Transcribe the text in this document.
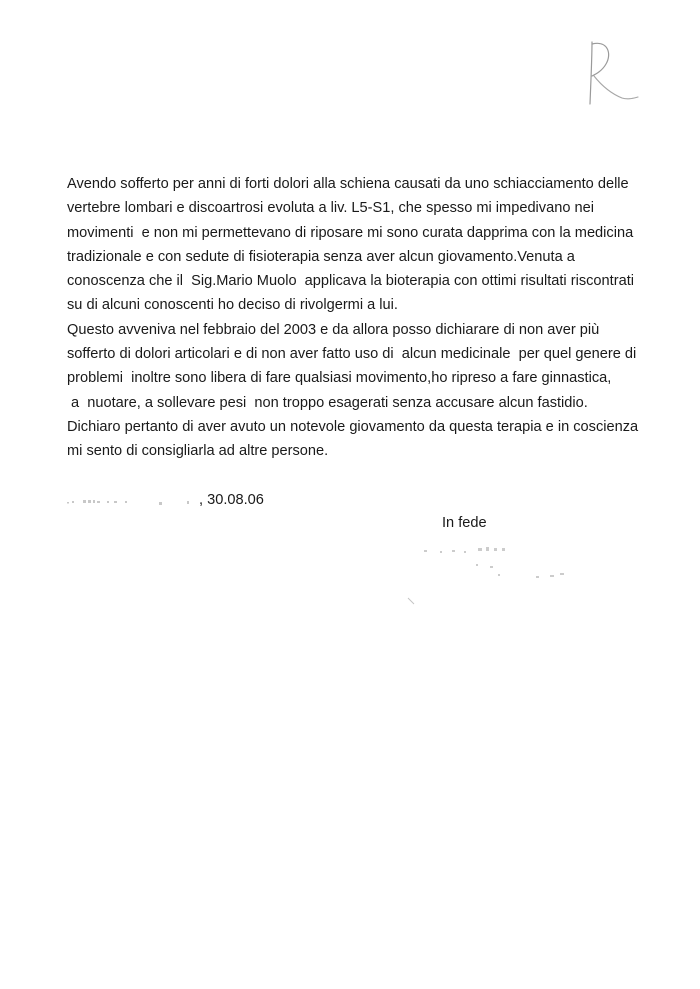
Avendo sofferto per anni di forti dolori alla schiena causati da uno schiacciamento delle
vertebre lombari e discoartrosi evoluta a liv. L5-S1, che spesso mi impedivano nei
movimenti  e non mi permettevano di riposare mi sono curata dapprima con la medicina
tradizionale e con sedute di fisioterapia senza aver alcun giovamento.Venuta a
conoscenza che il  Sig.Mario Muolo  applicava la bioterapia con ottimi risultati riscontrati
su di alcuni conoscenti ho deciso di rivolgermi a lui.
Questo avveniva nel febbraio del 2003 e da allora posso dichiarare di non aver più
sofferto di dolori articolari e di non aver fatto uso di  alcun medicinale  per quel genere di
problemi  inoltre sono libera di fare qualsiasi movimento,ho ripreso a fare ginnastica,
a  nuotare, a sollevare pesi  non troppo esagerati senza accusare alcun fastidio.
Dichiaro pertanto di aver avuto un notevole giovamento da questa terapia e in coscienza
mi sento di consigliarla ad altre persone.
, 30.08.06
In fede
